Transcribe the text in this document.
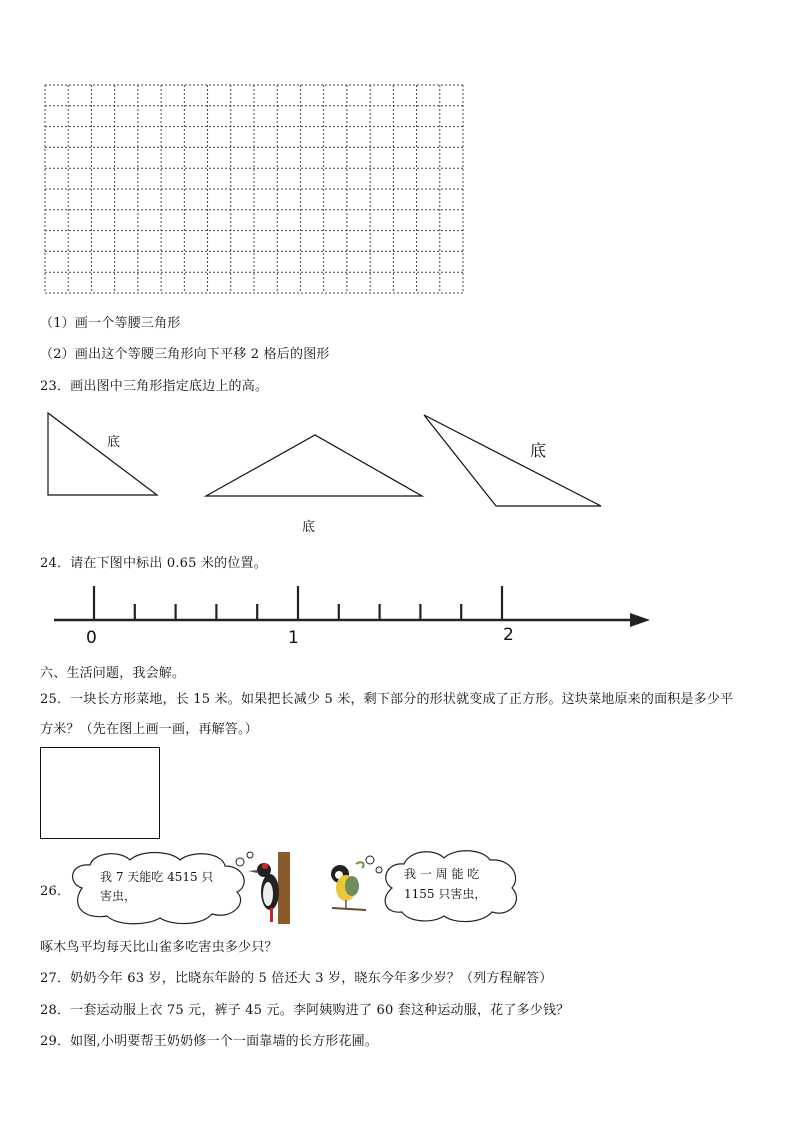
（1）画一个等腰三角形
（2）画出这个等腰三角形向下平移 2 格后的图形
23．画出图中三角形指定底边上的高。
底
底
底
24．请在下图中标出 0.65 米的位置。
0	1	2
六、生活问题，我会解。
25．一块长方形菜地，长 15 米。如果把长减少 5 米，剩下部分的形状就变成了正方形。这块菜地原来的面积是多少平
方米？（先在图上画一画，再解答。）
26．
我 7 天能吃 4515 只
害虫，
我 一 周 能 吃
1155 只害虫，
啄木鸟平均每天比山雀多吃害虫多少只？
27．奶奶今年 63 岁，比晓东年龄的 5 倍还大 3 岁，晓东今年多少岁？（列方程解答）
28．一套运动服上衣 75 元，裤子 45 元。李阿姨购进了 60 套这种运动服，花了多少钱？
29．如图,小明要帮王奶奶修一个一面靠墙的长方形花圃。
